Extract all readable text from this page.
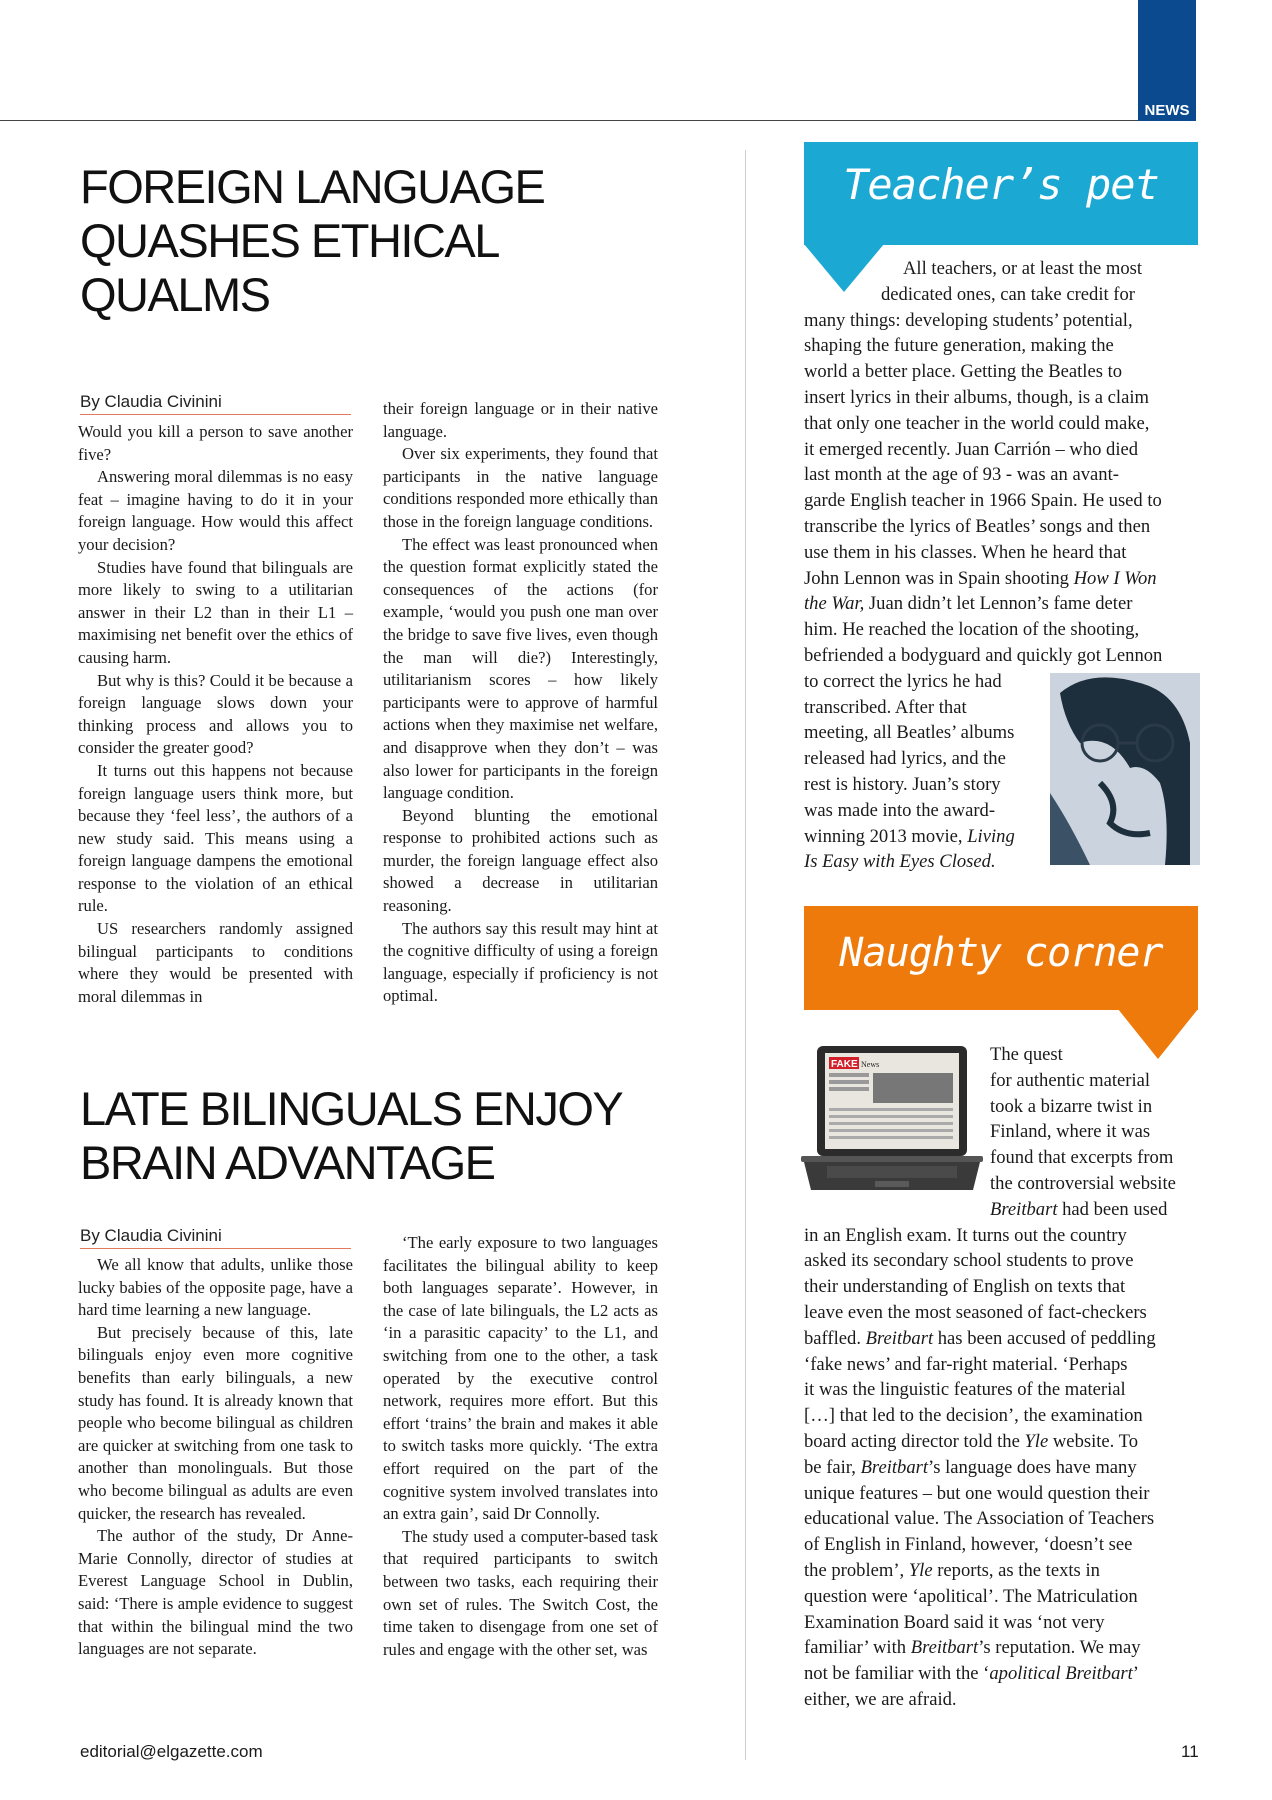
NEWS
FOREIGN LANGUAGE
QUASHES ETHICAL
QUALMS
By Claudia Civinini

Would you kill a person to save another five?

Answering moral dilemmas is no easy feat – imagine having to do it in your foreign language. How would this affect your decision?

Studies have found that bilinguals are more likely to swing to a utilitarian answer in their L2 than in their L1 – maximising net benefit over the ethics of causing harm.

But why is this? Could it be because a foreign language slows down your thinking process and allows you to consider the greater good?

It turns out this happens not because foreign language users think more, but because they ‘feel less’, the authors of a new study said. This means using a foreign language dampens the emotional response to the violation of an ethical rule.

US researchers randomly assigned bilingual participants to conditions where they would be presented with moral dilemmas in

their foreign language or in their native language.

Over six experiments, they found that participants in the native language conditions responded more ethically than those in the foreign language conditions.

The effect was least pronounced when the question format explicitly stated the consequences of the actions (for example, ‘would you push one man over the bridge to save five lives, even though the man will die?) Interestingly, utilitarianism scores – how likely participants were to approve of harmful actions when they maximise net welfare, and disapprove when they don’t – was also lower for participants in the foreign language condition.

Beyond blunting the emotional response to prohibited actions such as murder, the foreign language effect also showed a decrease in utilitarian reasoning.

The authors say this result may hint at the cognitive difficulty of using a foreign language, especially if proficiency is not optimal.

LATE BILINGUALS ENJOY
BRAIN ADVANTAGE
By Claudia Civinini

We all know that adults, unlike those lucky babies of the opposite page, have a hard time learning a new language.

But precisely because of this, late bilinguals enjoy even more cognitive benefits than early bilinguals, a new study has found. It is already known that people who become bilingual as children are quicker at switching from one task to another than monolinguals. But those who become bilingual as adults are even quicker, the research has revealed.

The author of the study, Dr Anne-Marie Connolly, director of studies at Everest Language School in Dublin, said: ‘There is ample evidence to suggest that within the bilingual mind the two languages are not separate.

‘The early exposure to two languages facilitates the bilingual ability to keep both languages separate’. However, in the case of late bilinguals, the L2 acts as ‘in a parasitic capacity’ to the L1, and switching from one to the other, a task operated by the executive control network, requires more effort. But this effort ‘trains’ the brain and makes it able to switch tasks more quickly. ‘The extra effort required on the part of the cognitive system involved translates into an extra gain’, said Dr Connolly.

The study used a computer-based task that required participants to switch between two tasks, each requiring their own set of rules. The Switch Cost, the time taken to disengage from one set of rules and engage with the other set, was

Teacher’s pet
All teachers, or at least the most
dedicated ones, can take credit for
many things: developing students’ potential,
shaping the future generation, making the
world a better place. Getting the Beatles to
insert lyrics in their albums, though, is a claim
that only one teacher in the world could make,
it emerged recently. Juan Carrión – who died
last month at the age of 93 - was an avant-
garde English teacher in 1966 Spain. He used to
transcribe the lyrics of Beatles’ songs and then
use them in his classes. When he heard that
John Lennon was in Spain shooting How I Won
the War, Juan didn’t let Lennon’s fame deter
him. He reached the location of the shooting,
befriended a bodyguard and quickly got Lennon
to correct the lyrics he had
transcribed. After that
meeting, all Beatles’ albums
released had lyrics, and the
rest is history. Juan’s story
was made into the award-
winning 2013 movie, Living
Is Easy with Eyes Closed.
Naughty corner
FAKE News	The quest
for authentic material
took a bizarre twist in
Finland, where it was
found that excerpts from
the controversial website
Breitbart had been used
in an English exam. It turns out the country
asked its secondary school students to prove
their understanding of English on texts that
leave even the most seasoned of fact-checkers
baffled. Breitbart has been accused of peddling
‘fake news’ and far-right material. ‘Perhaps
it was the linguistic features of the material
[…] that led to the decision’, the examination
board acting director told the Yle website. To
be fair, Breitbart’s language does have many
unique features – but one would question their
educational value. The Association of Teachers
of English in Finland, however, ‘doesn’t see
the problem’, Yle reports, as the texts in
question were ‘apolitical’. The Matriculation
Examination Board said it was ‘not very
familiar’ with Breitbart’s reputation. We may
not be familiar with the ‘apolitical Breitbart’
either, we are afraid.
editorial@elgazette.com	11
